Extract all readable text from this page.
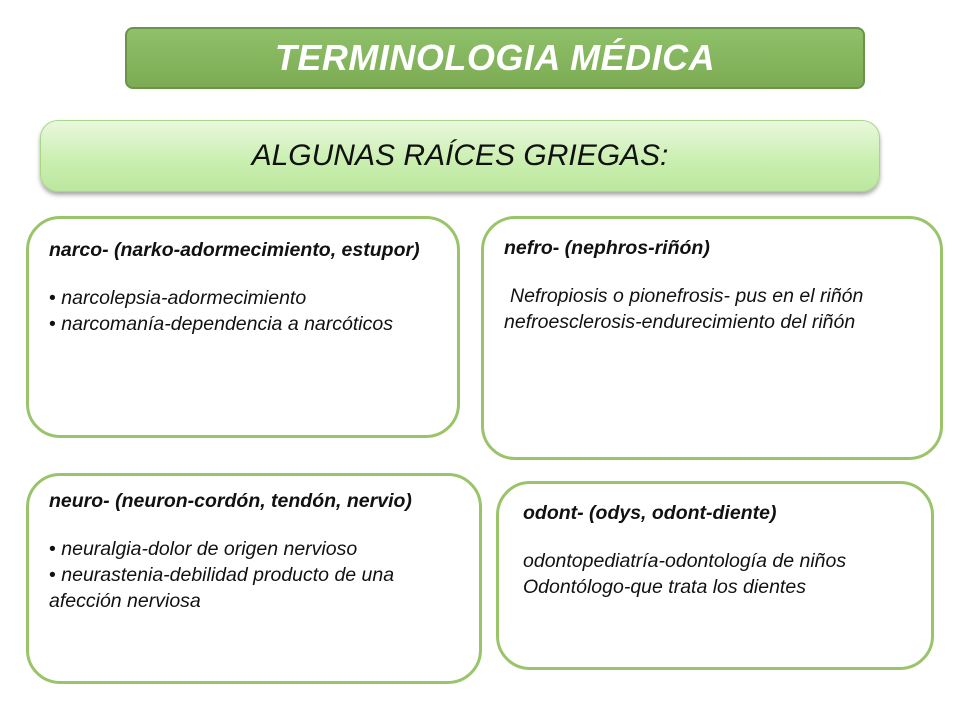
TERMINOLOGIA MÉDICA
ALGUNAS RAÍCES GRIEGAS:

narco- (narko-adormecimiento, estupor)

• narcolepsia-adormecimiento

• narcomanía-dependencia a narcóticos

nefro- (nephros-riñón)

Nefropiosis o pionefrosis- pus en el riñón

nefroesclerosis-endurecimiento del riñón

neuro- (neuron-cordón, tendón, nervio)

• neuralgia-dolor de origen nervioso

• neurastenia-debilidad producto de una afección nerviosa

odont- (odys, odont-diente)

odontopediatría-odontología de niños

Odontólogo-que trata los dientes
